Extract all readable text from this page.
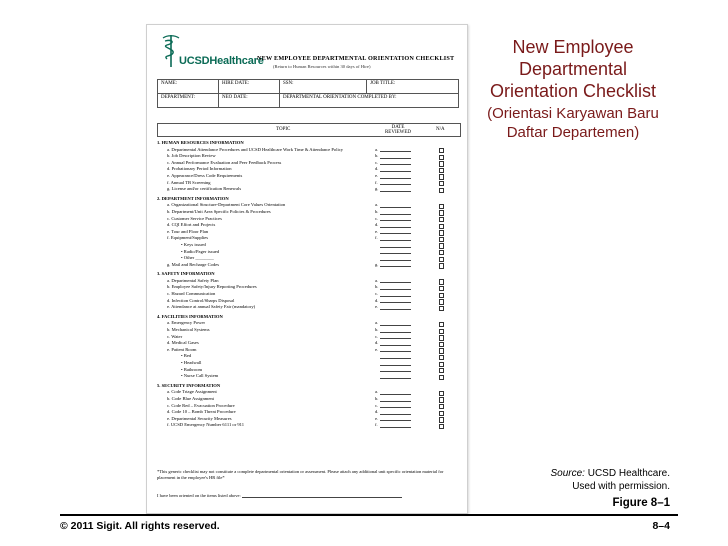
UCSDHealthcare
NEW EMPLOYEE DEPARTMENTAL ORIENTATION CHECKLIST
(Return to Human Resources within 30 days of Hire)
NAME:	HIRE DATE:	SSN:	JOB TITLE:
DEPARTMENT:	NEO DATE:	DEPARTMENTAL ORIENTATION COMPLETED BY:	
TOPIC	DATE REVIEWED
N/A
1. HUMAN RESOURCES INFORMATION
a. Departmental Attendance Procedures and UCSD Healthcare Work Time & Attendance Policy	a.
b. Job Description Review	b.
c. Annual Performance Evaluation and Peer Feedback Process	c.
d. Probationary Period Information	d.
e. Appearance/Dress Code Requirements	e.
f. Annual TB Screening	f.
g. License and/or certification Renewals	g.
2. DEPARTMENT INFORMATION
a. Organizational Structure-Department Core Values Orientation	a.
b. Department/Unit Area Specific Policies & Procedures	b.
c. Customer Service Practices	c.
d. CQI Effort and Projects	d.
e. Tour and Floor Plan	e.
f. Equipment/Supplies	f.
• Keys issued
• Radio/Pager issued
• Other ________
g. Mail and Recharge Codes	g.
3. SAFETY INFORMATION
a. Departmental Safety Plan	a.
b. Employee Safety/Injury Reporting Procedures	b.
c. Hazard Communication	c.
d. Infection Control/Sharps Disposal	d.
e. Attendance at annual Safety Fair (mandatory)	e.
4. FACILITIES INFORMATION
a. Emergency Power	a.
b. Mechanical Systems	b.
c. Water	c.
d. Medical Gases	d.
e. Patient Room	e.
• Bed
• Headwall
• Bathroom
• Nurse Call System
5. SECURITY INFORMATION
a. Code Triage Assignment	a.
b. Code Blue Assignment	b.
c. Code Red – Evacuation Procedure	c.
d. Code 10 – Bomb Threat Procedure	d.
e. Departmental Security Measures	e.
f. UCSD Emergency Number 6111 or 911	f.
*This generic checklist may not constitute a complete departmental orientation or assessment. Please attach any additional unit specific orientation material for placement in the employee's HR file*
I have been oriented on the items listed above:
New Employee Departmental Orientation Checklist
(Orientasi Karyawan Baru Daftar Departemen)
Source: UCSD Healthcare.
Used with permission.
Figure 8–1
© 2011 Sigit. All rights reserved.	8–4
